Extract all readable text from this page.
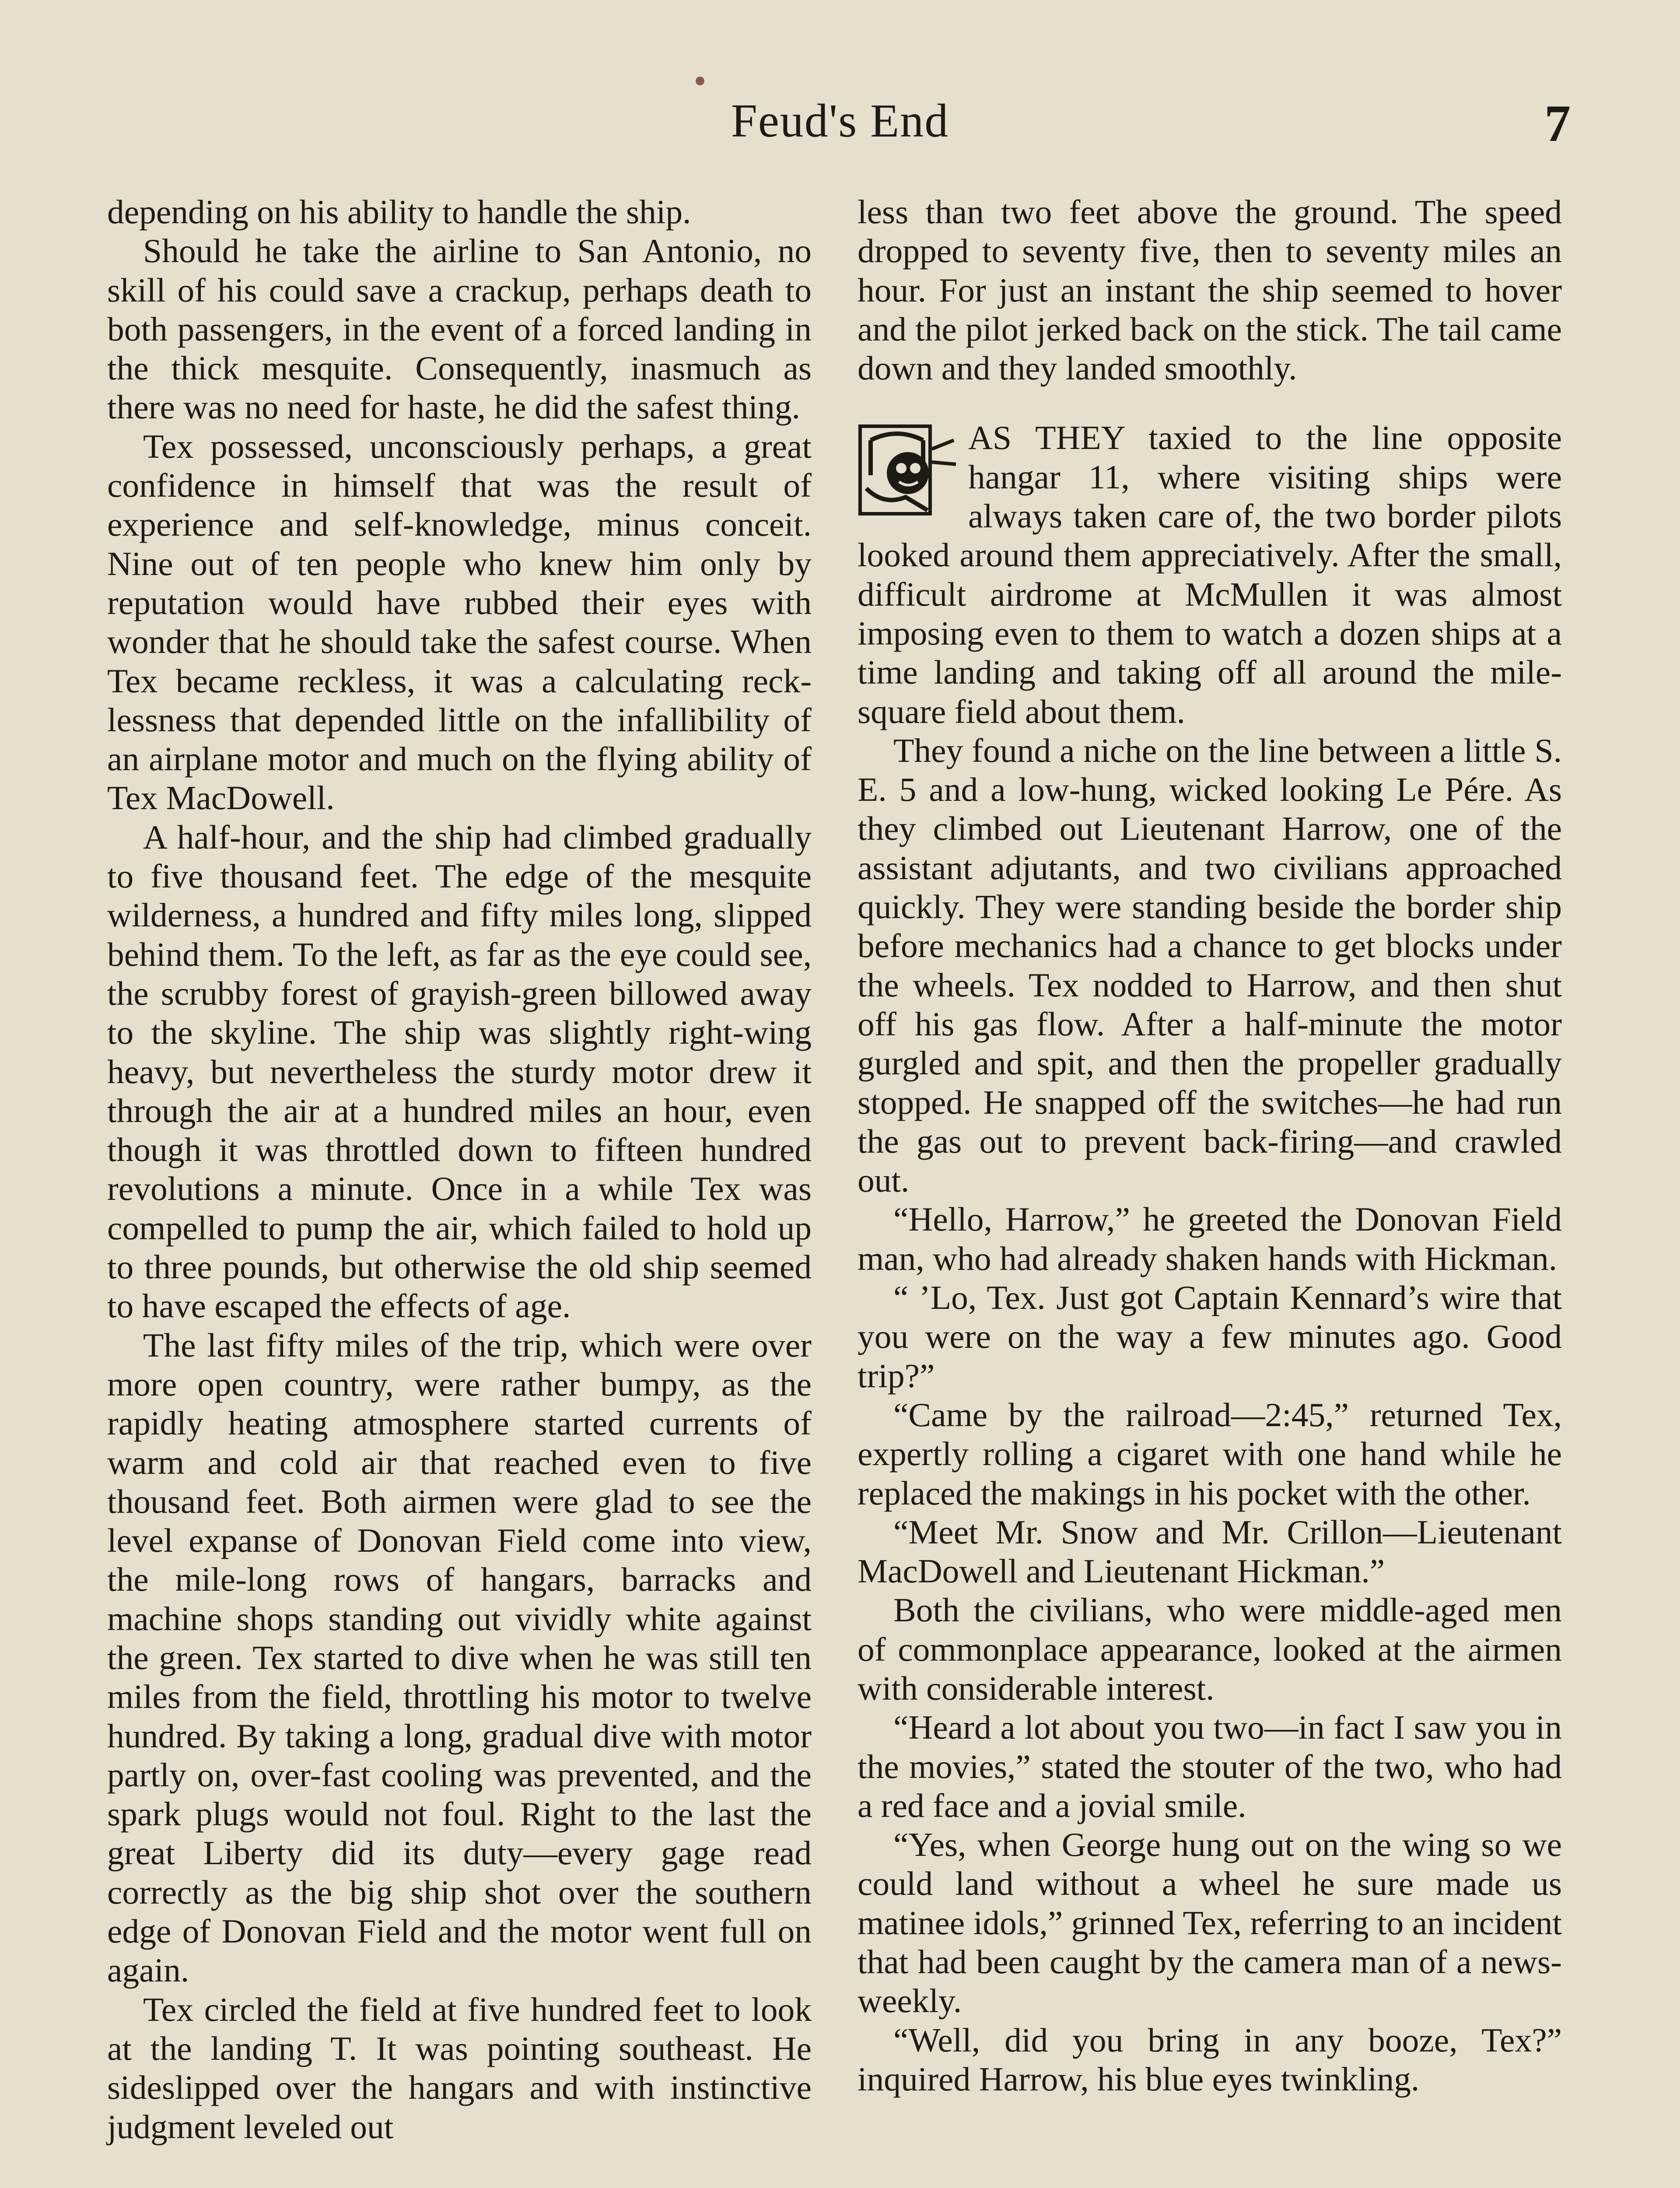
Feud's End	7

depending on his ability to handle the ship.

Should he take the airline to San Antonio, no skill of his could save a crackup, perhaps death to both passengers, in the event of a forced landing in the thick mesquite. Consequently, inasmuch as there was no need for haste, he did the safest thing.

Tex possessed, unconsciously perhaps, a great confidence in himself that was the result of experience and self-knowledge, minus conceit. Nine out of ten people who knew him only by reputation would have rubbed their eyes with wonder that he should take the safest course. When Tex became reckless, it was a calculating recklessness that depended little on the infallibility of an airplane motor and much on the flying ability of Tex MacDowell.

A half-hour, and the ship had climbed gradually to five thousand feet. The edge of the mesquite wilderness, a hundred and fifty miles long, slipped behind them. To the left, as far as the eye could see, the scrubby forest of grayish-green billowed away to the skyline. The ship was slightly right-wing heavy, but nevertheless the sturdy motor drew it through the air at a hundred miles an hour, even though it was throttled down to fifteen hundred revolutions a minute. Once in a while Tex was compelled to pump the air, which failed to hold up to three pounds, but otherwise the old ship seemed to have escaped the effects of age.

The last fifty miles of the trip, which were over more open country, were rather bumpy, as the rapidly heating atmosphere started currents of warm and cold air that reached even to five thousand feet. Both airmen were glad to see the level expanse of Donovan Field come into view, the mile-long rows of hangars, barracks and machine shops standing out vividly white against the green. Tex started to dive when he was still ten miles from the field, throttling his motor to twelve hundred. By taking a long, gradual dive with motor partly on, over-fast cooling was prevented, and the spark plugs would not foul. Right to the last the great Liberty did its duty—every gage read correctly as the big ship shot over the southern edge of Donovan Field and the motor went full on again.

Tex circled the field at five hundred feet to look at the landing T. It was pointing southeast. He sideslipped over the hangars and with instinctive judgment leveled out

less than two feet above the ground. The speed dropped to seventy five, then to seventy miles an hour. For just an instant the ship seemed to hover and the pilot jerked back on the stick. The tail came down and they landed smoothly.

AS THEY taxied to the line opposite hangar 11, where visiting ships were always taken care of, the two border pilots looked around them appreciatively. After the small, difficult airdrome at McMullen it was almost imposing even to them to watch a dozen ships at a time landing and taking off all around the mile-square field about them.

They found a niche on the line between a little S. E. 5 and a low-hung, wicked looking Le Pére. As they climbed out Lieutenant Harrow, one of the assistant adjutants, and two civilians approached quickly. They were standing beside the border ship before mechanics had a chance to get blocks under the wheels. Tex nodded to Harrow, and then shut off his gas flow. After a half-minute the motor gurgled and spit, and then the propeller gradually stopped. He snapped off the switches—he had run the gas out to prevent back-firing—and crawled out.

“Hello, Harrow,” he greeted the Donovan Field man, who had already shaken hands with Hickman.

“ ’Lo, Tex. Just got Captain Kennard’s wire that you were on the way a few minutes ago. Good trip?”

“Came by the railroad—2:45,” returned Tex, expertly rolling a cigaret with one hand while he replaced the makings in his pocket with the other.

“Meet Mr. Snow and Mr. Crillon—Lieutenant MacDowell and Lieutenant Hickman.”

Both the civilians, who were middle-aged men of commonplace appearance, looked at the airmen with considerable interest.

“Heard a lot about you two—in fact I saw you in the movies,” stated the stouter of the two, who had a red face and a jovial smile.

“Yes, when George hung out on the wing so we could land without a wheel he sure made us matinee idols,” grinned Tex, referring to an incident that had been caught by the camera man of a news-weekly.

“Well, did you bring in any booze, Tex?” inquired Harrow, his blue eyes twinkling.
